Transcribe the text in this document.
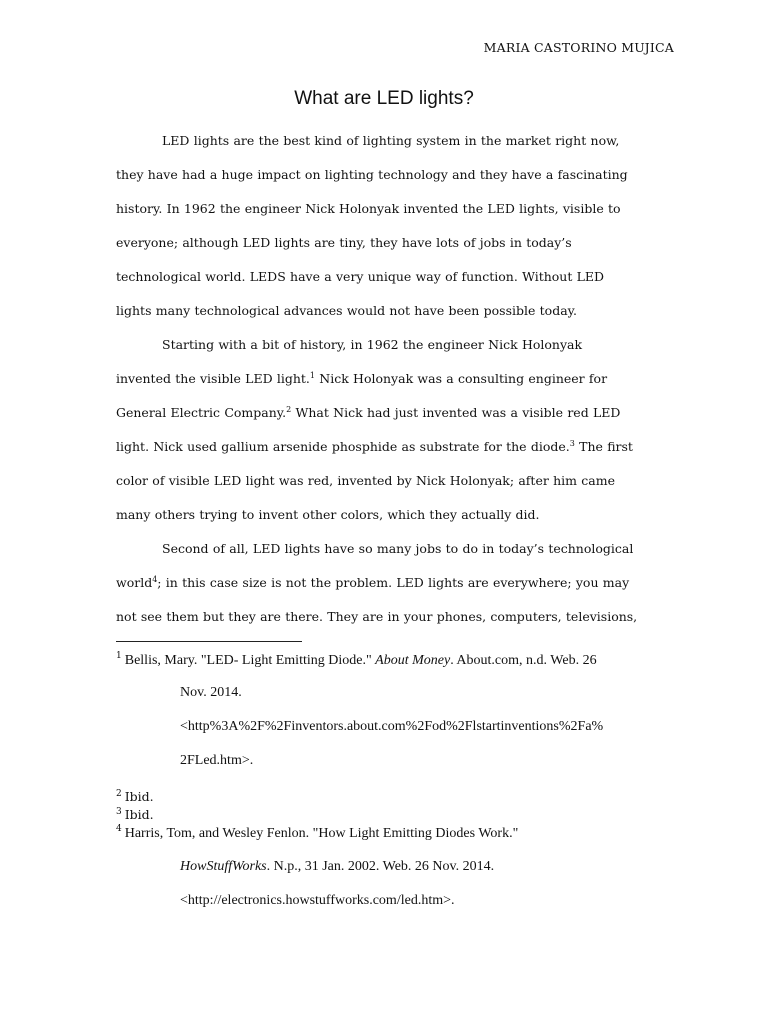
MARIA CASTORINO MUJICA
What are LED lights?
LED lights are the best kind of lighting system in the market right now,
they have had a huge impact on lighting technology and they have a fascinating
history. In 1962 the engineer Nick Holonyak invented the LED lights, visible to
everyone; although LED lights are tiny, they have lots of jobs in today’s
technological world. LEDS have a very unique way of function. Without LED
lights many technological advances would not have been possible today.
Starting with a bit of history, in 1962 the engineer Nick Holonyak
invented the visible LED light.$^1$ Nick Holonyak was a consulting engineer for
General Electric Company.$^2$ What Nick had just invented was a visible red LED
light. Nick used gallium arsenide phosphide as substrate for the diode.$^3$ The first
color of visible LED light was red, invented by Nick Holonyak; after him came
many others trying to invent other colors, which they actually did.
Second of all, LED lights have so many jobs to do in today’s technological
world$^4$; in this case size is not the problem. LED lights are everywhere; you may
not see them but they are there. They are in your phones, computers, televisions,
$^1$ Bellis, Mary. "LED- Light Emitting Diode." About Money. About.com, n.d. Web. 26
Nov. 2014.
<http%3A%2F%2Finventors.about.com%2Fod%2Flstartinventions%2Fa%
2FLed.htm>.
$^2$ Ibid.
$^3$ Ibid.
$^4$ Harris, Tom, and Wesley Fenlon. "How Light Emitting Diodes Work."
HowStuffWorks. N.p., 31 Jan. 2002. Web. 26 Nov. 2014.
<http://electronics.howstuffworks.com/led.htm>.
